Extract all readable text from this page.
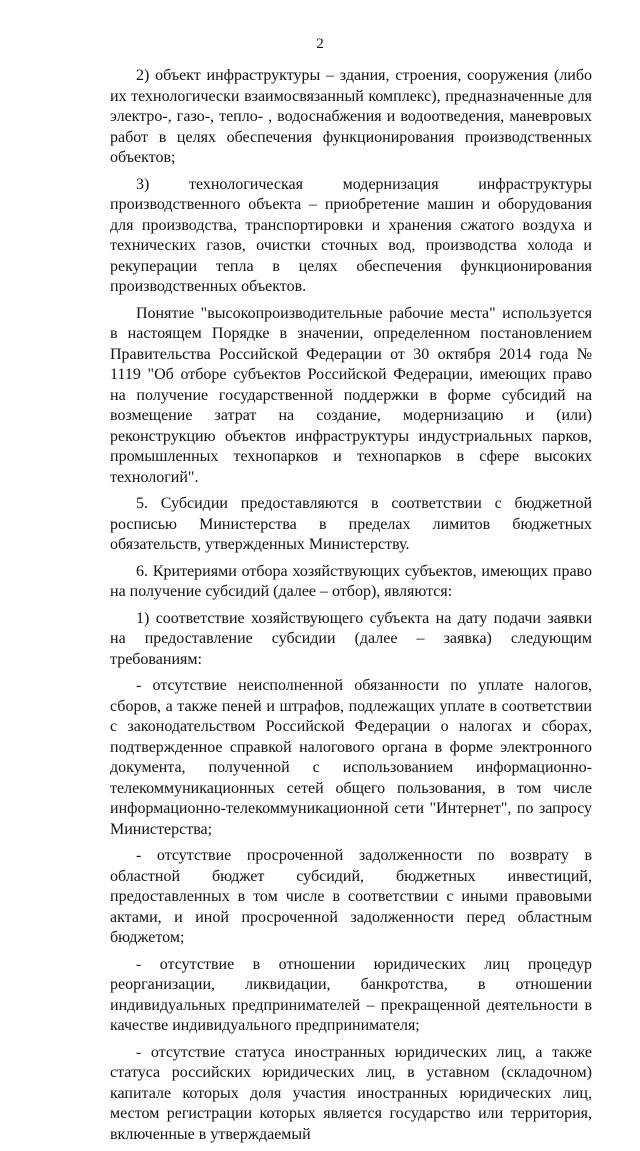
2

2) объект инфраструктуры – здания, строения, сооружения (либо их технологически взаимосвязанный комплекс), предназначенные для электро-, газо-, тепло- , водоснабжения и водоотведения, маневровых работ в целях обеспечения функционирования производственных объектов;

3) технологическая модернизация инфраструктуры производственного объекта – приобретение машин и оборудования для производства, транспортировки и хранения сжатого воздуха и технических газов, очистки сточных вод, производства холода и рекуперации тепла в целях обеспечения функционирования производственных объектов.

Понятие "высокопроизводительные рабочие места" используется в настоящем Порядке в значении, определенном постановлением Правительства Российской Федерации от 30 октября 2014 года № 1119 "Об отборе субъектов Российской Федерации, имеющих право на получение государственной поддержки в форме субсидий на возмещение затрат на создание, модернизацию и (или) реконструкцию объектов инфраструктуры индустриальных парков, промышленных технопарков и технопарков в сфере высоких технологий".

5. Субсидии предоставляются в соответствии с бюджетной росписью Министерства в пределах лимитов бюджетных обязательств, утвержденных Министерству.

6. Критериями отбора хозяйствующих субъектов, имеющих право на получение субсидий (далее – отбор), являются:

1) соответствие хозяйствующего субъекта на дату подачи заявки на предоставление субсидии (далее – заявка) следующим требованиям:

- отсутствие неисполненной обязанности по уплате налогов, сборов, а также пеней и штрафов, подлежащих уплате в соответствии с законодательством Российской Федерации о налогах и сборах, подтвержденное справкой налогового органа в форме электронного документа, полученной с использованием информационно-телекоммуникационных сетей общего пользования, в том числе информационно-телекоммуникационной сети "Интернет", по запросу Министерства;

- отсутствие просроченной задолженности по возврату в областной бюджет субсидий, бюджетных инвестиций, предоставленных в том числе в соответствии с иными правовыми актами, и иной просроченной задолженности перед областным бюджетом;

- отсутствие в отношении юридических лиц процедур реорганизации, ликвидации, банкротства, в отношении индивидуальных предпринимателей – прекращенной деятельности в качестве индивидуального предпринимателя;

- отсутствие статуса иностранных юридических лиц, а также статуса российских юридических лиц, в уставном (складочном) капитале которых доля участия иностранных юридических лиц, местом регистрации которых является государство или территория, включенные в утверждаемый
